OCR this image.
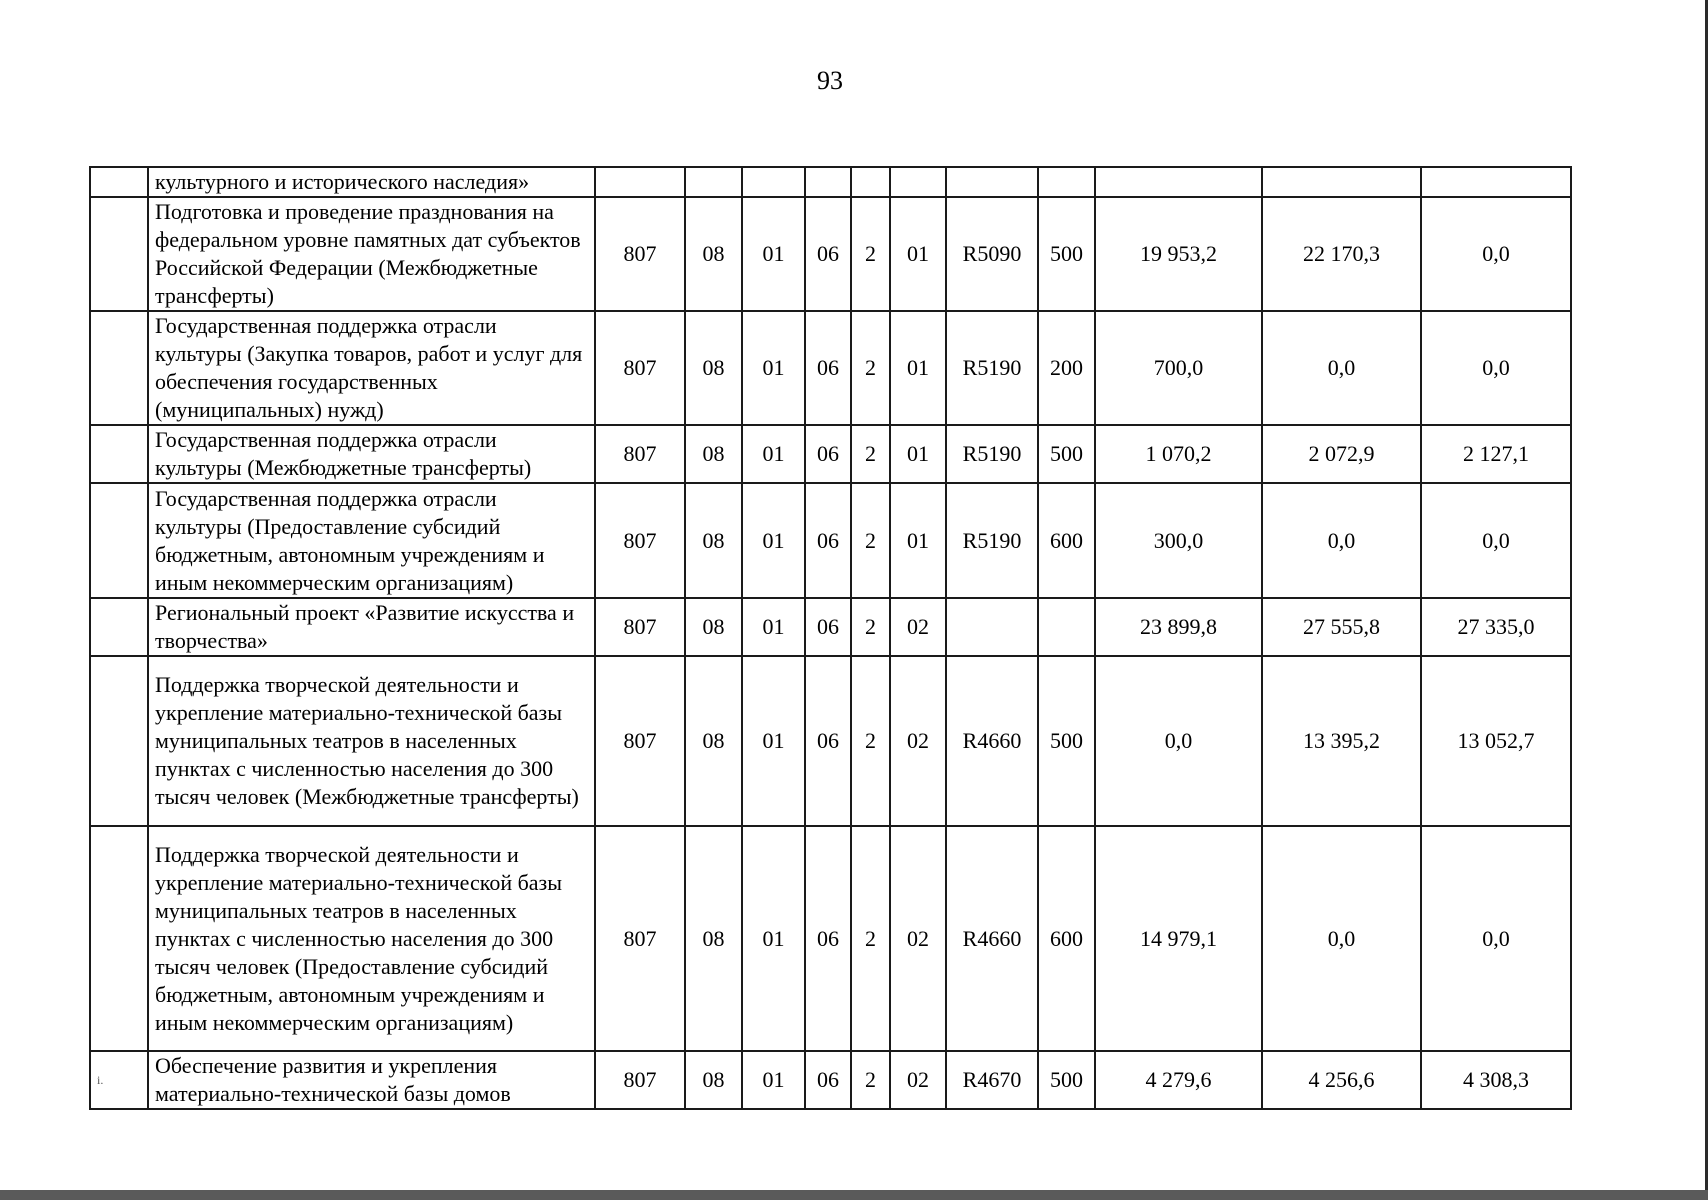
93
	культурного и исторического наследия»											
	Подготовка и проведение празднования на федеральном уровне памятных дат субъектов Российской Федерации (Межбюджетные трансферты)	807	08	01	06	2	01	R5090	500	19 953,2	22 170,3	0,0
	Государственная поддержка отрасли культуры (Закупка товаров, работ и услуг для обеспечения государственных (муниципальных) нужд)	807	08	01	06	2	01	R5190	200	700,0	0,0	0,0
	Государственная поддержка отрасли культуры (Межбюджетные трансферты)	807	08	01	06	2	01	R5190	500	1 070,2	2 072,9	2 127,1
	Государственная поддержка отрасли культуры (Предоставление субсидий бюджетным, автономным учреждениям и иным некоммерческим организациям)	807	08	01	06	2	01	R5190	600	300,0	0,0	0,0
	Региональный проект «Развитие искусства и творчества»	807	08	01	06	2	02			23 899,8	27 555,8	27 335,0
	Поддержка творческой деятельности и укрепление материально-технической базы муниципальных театров в населенных пунктах с численностью населения до 300 тысяч человек (Межбюджетные трансферты)	807	08	01	06	2	02	R4660	500	0,0	13 395,2	13 052,7
	Поддержка творческой деятельности и укрепление материально-технической базы муниципальных театров в населенных пунктах с численностью населения до 300 тысяч человек (Предоставление субсидий бюджетным, автономным учреждениям и иным некоммерческим организациям)	807	08	01	06	2	02	R4660	600	14 979,1	0,0	0,0
i.	Обеспечение развития и укрепления материально-технической базы домов	807	08	01	06	2	02	R4670	500	4 279,6	4 256,6	4 308,3
